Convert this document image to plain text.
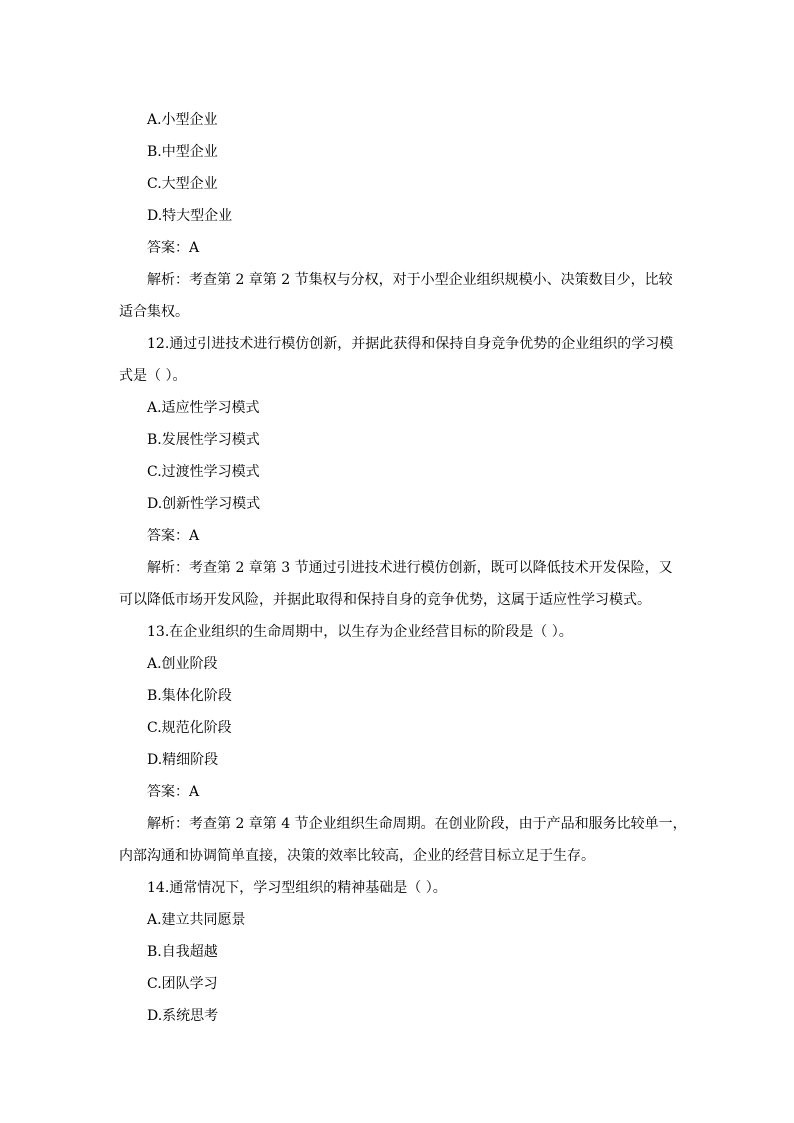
A.小型企业
B.中型企业
C.大型企业
D.特大型企业
答案：A
解析：考查第 2 章第 2 节集权与分权，对于小型企业组织规模小、决策数目少，比较
适合集权。
12.通过引进技术进行模仿创新，并据此获得和保持自身竞争优势的企业组织的学习模
式是（ ）。
A.适应性学习模式
B.发展性学习模式
C.过渡性学习模式
D.创新性学习模式
答案：A
解析：考查第 2 章第 3 节通过引进技术进行模仿创新，既可以降低技术开发保险，又
可以降低市场开发风险，并据此取得和保持自身的竞争优势，这属于适应性学习模式。
13.在企业组织的生命周期中，以生存为企业经营目标的阶段是（ ）。
A.创业阶段
B.集体化阶段
C.规范化阶段
D.精细阶段
答案：A
解析：考查第 2 章第 4 节企业组织生命周期。在创业阶段，由于产品和服务比较单一，
内部沟通和协调简单直接，决策的效率比较高，企业的经营目标立足于生存。
14.通常情况下，学习型组织的精神基础是（ ）。
A.建立共同愿景
B.自我超越
C.团队学习
D.系统思考
